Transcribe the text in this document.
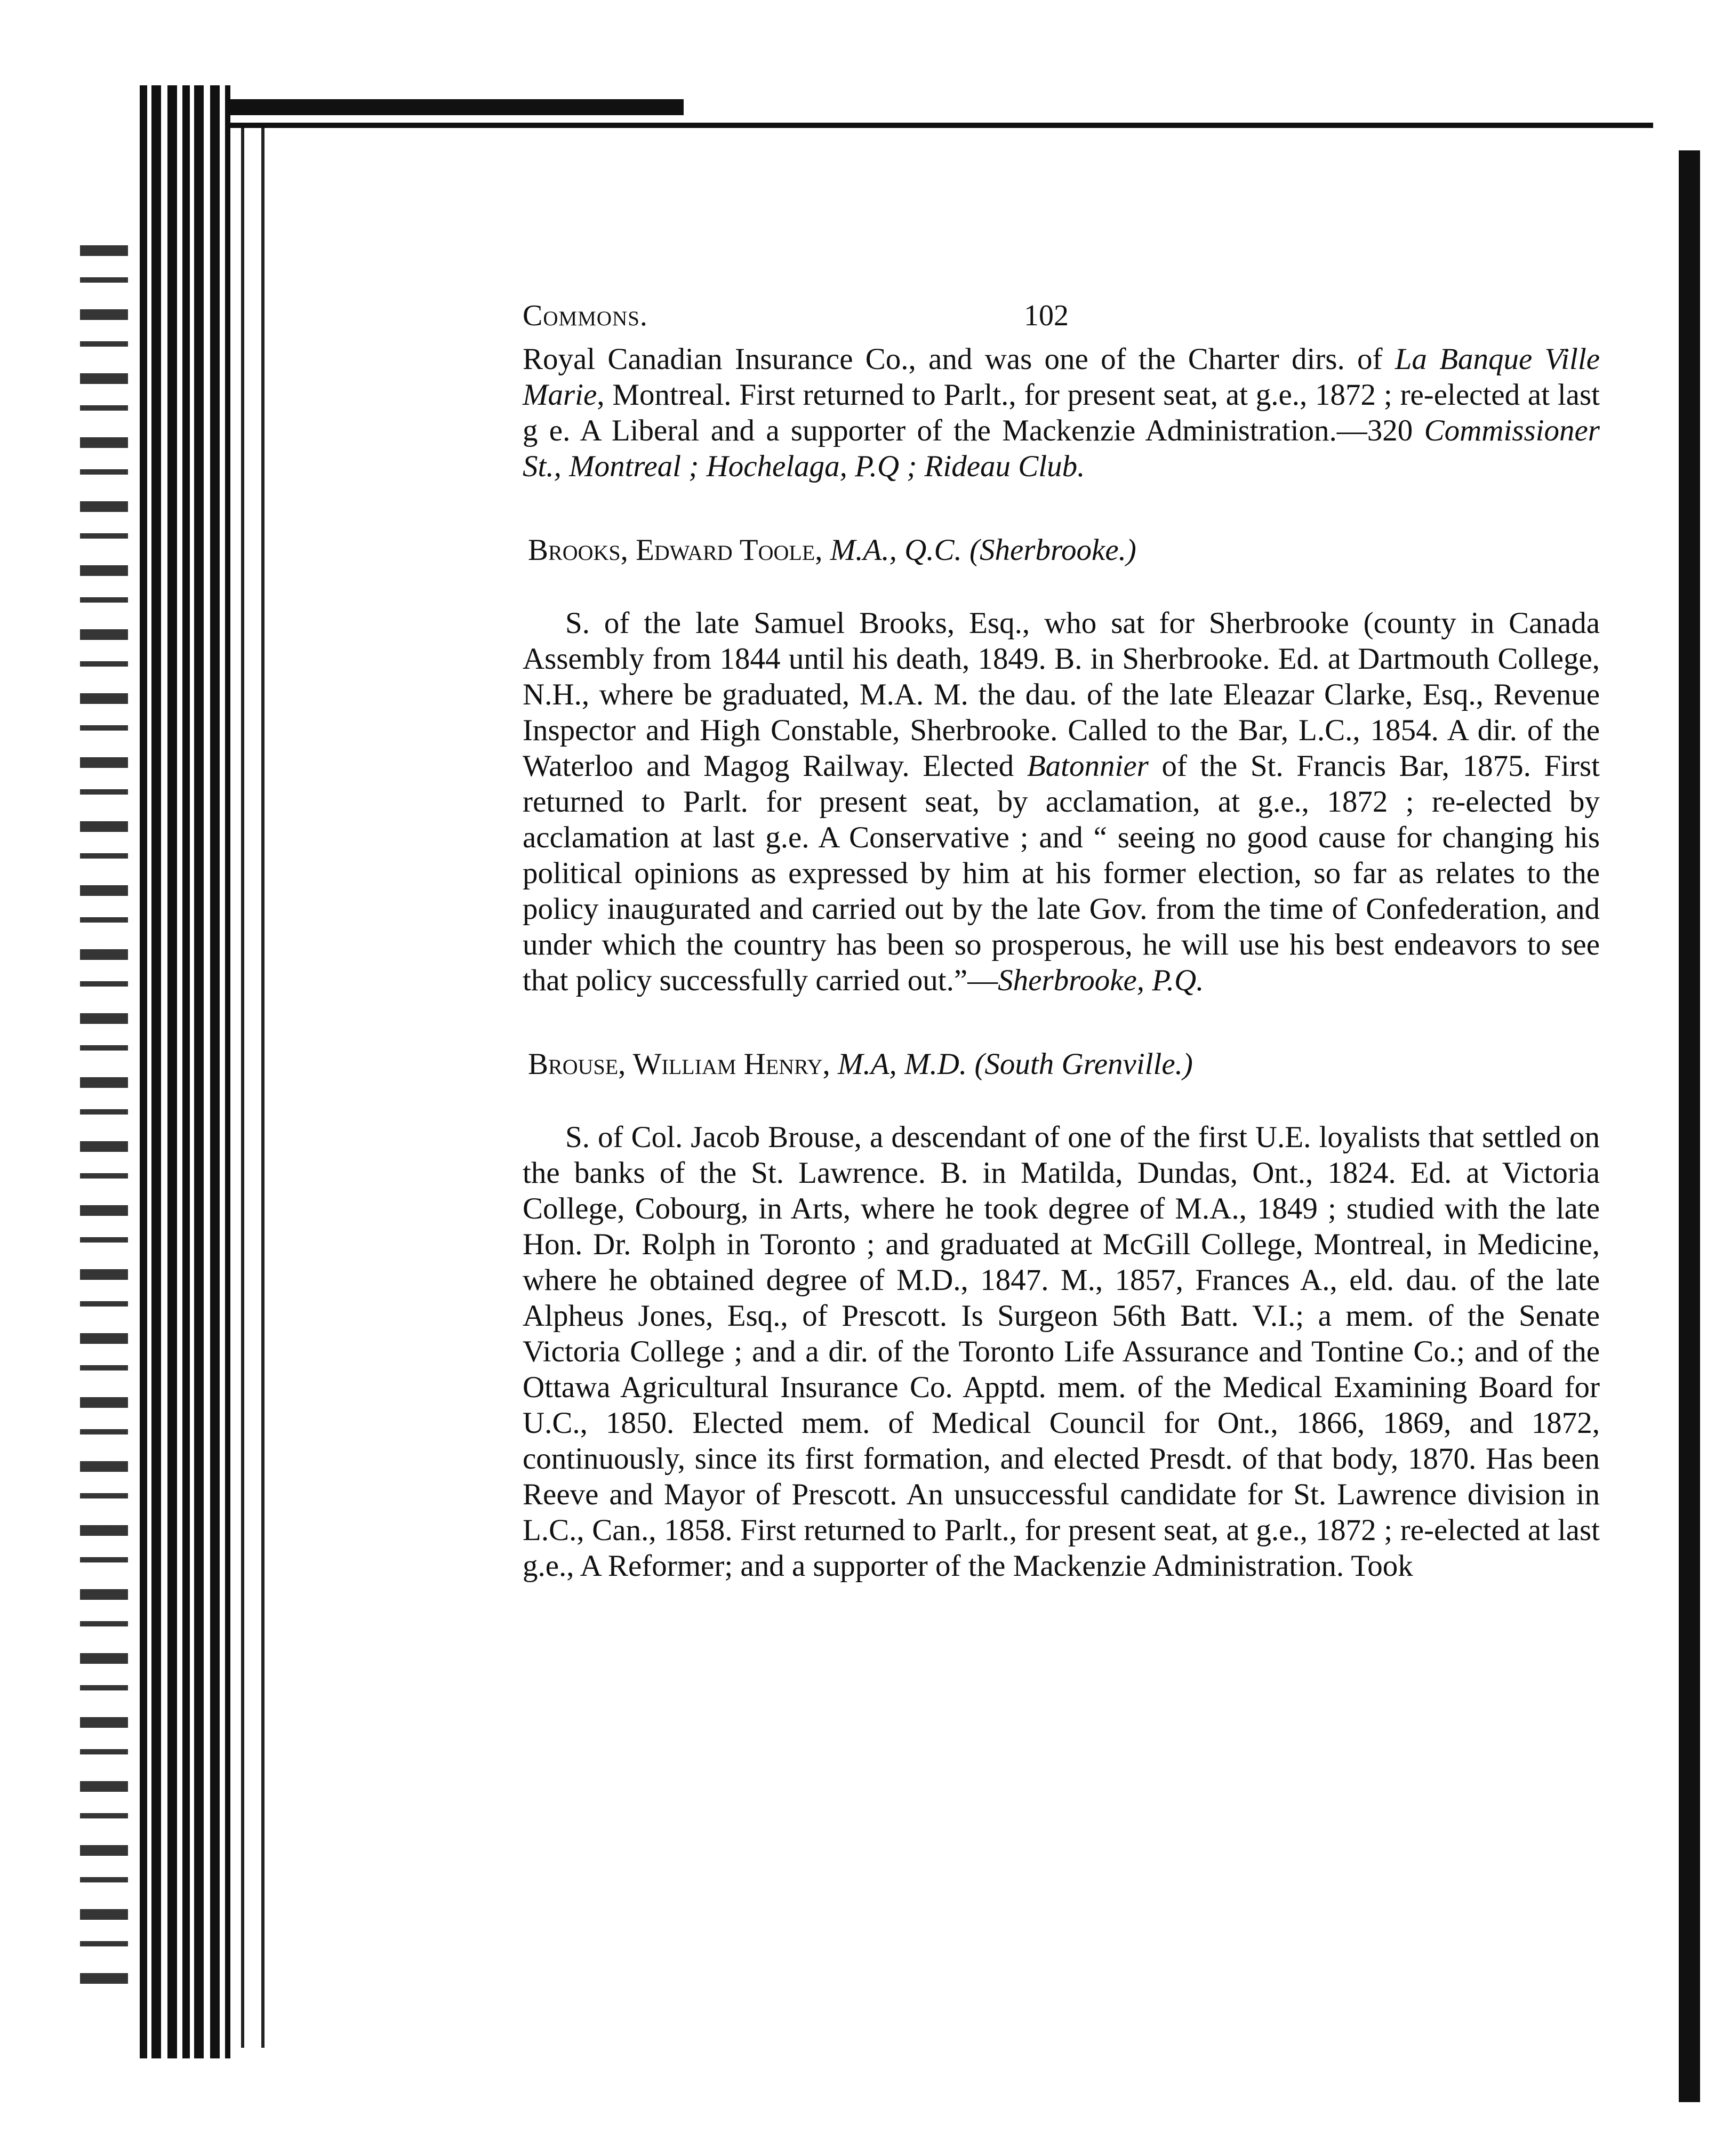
Commons.	102

Royal Canadian Insurance Co., and was one of the Charter dirs. of La Banque Ville Marie, Montreal. First returned to Parlt., for present seat, at g.e., 1872 ; re-elected at last g e. A Liberal and a supporter of the Mackenzie Administration.—320 Commissioner St., Montreal ; Hochelaga, P.Q ; Rideau Club.

Brooks, Edward Toole, M.A., Q.C. (Sherbrooke.)

S. of the late Samuel Brooks, Esq., who sat for Sherbrooke (county in Canada Assembly from 1844 until his death, 1849. B. in Sherbrooke. Ed. at Dartmouth College, N.H., where be graduated, M.A. M. the dau. of the late Eleazar Clarke, Esq., Revenue Inspector and High Constable, Sherbrooke. Called to the Bar, L.C., 1854. A dir. of the Waterloo and Magog Railway. Elected Batonnier of the St. Francis Bar, 1875. First returned to Parlt. for present seat, by acclamation, at g.e., 1872 ; re-elected by acclamation at last g.e. A Conservative ; and “ seeing no good cause for changing his political opinions as expressed by him at his former election, so far as relates to the policy inaugurated and carried out by the late Gov. from the time of Confederation, and under which the country has been so prosperous, he will use his best endeavors to see that policy successfully carried out.”—Sherbrooke, P.Q.

Brouse, William Henry, M.A, M.D. (South Grenville.)

S. of Col. Jacob Brouse, a descendant of one of the first U.E. loyalists that settled on the banks of the St. Lawrence. B. in Matilda, Dundas, Ont., 1824. Ed. at Victoria College, Cobourg, in Arts, where he took degree of M.A., 1849 ; studied with the late Hon. Dr. Rolph in Toronto ; and graduated at McGill College, Montreal, in Medicine, where he obtained degree of M.D., 1847. M., 1857, Frances A., eld. dau. of the late Alpheus Jones, Esq., of Prescott. Is Surgeon 56th Batt. V.I.; a mem. of the Senate Victoria College ; and a dir. of the Toronto Life Assurance and Tontine Co.; and of the Ottawa Agricultural Insurance Co. Apptd. mem. of the Medical Examining Board for U.C., 1850. Elected mem. of Medical Council for Ont., 1866, 1869, and 1872, continuously, since its first formation, and elected Presdt. of that body, 1870. Has been Reeve and Mayor of Prescott. An unsuccessful candidate for St. Lawrence division in L.C., Can., 1858. First returned to Parlt., for present seat, at g.e., 1872 ; re-elected at last g.e., A Reformer; and a supporter of the Mackenzie Administration. Took
